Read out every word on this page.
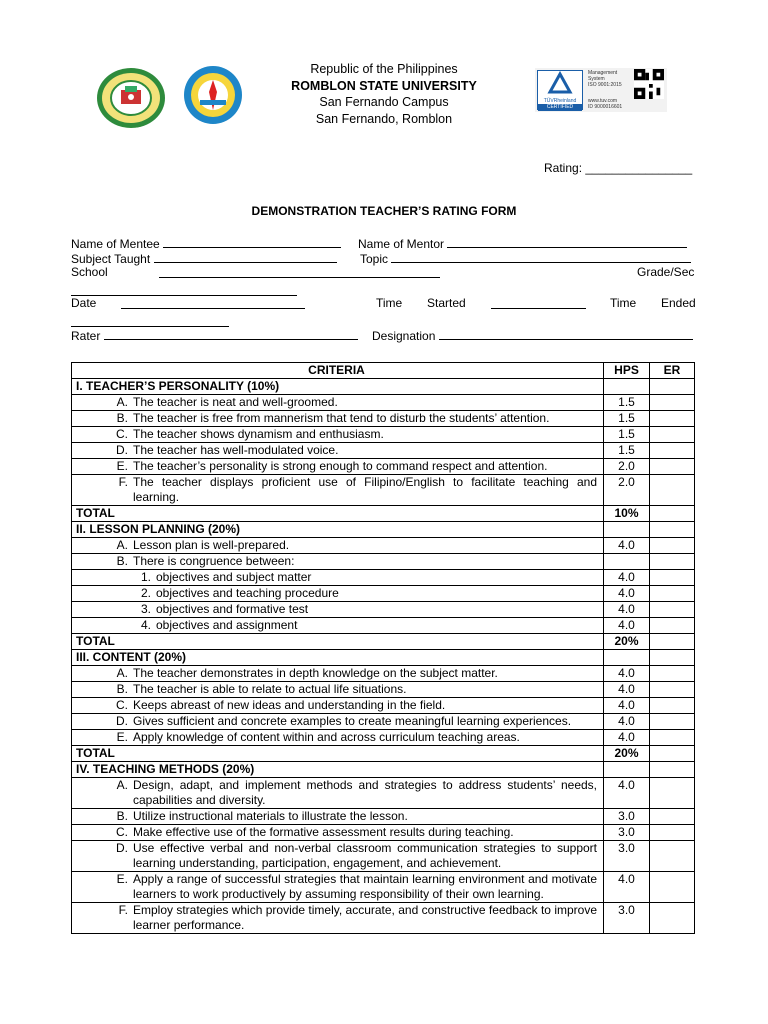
TÜVRheinland
CERTIFIED
Management
System
ISO 9001:2015
www.tuv.com
ID 9000016601
Republic of the Philippines
ROMBLON STATE UNIVERSITY
San Fernando Campus
San Fernando, Romblon
Rating: ________________
DEMONSTRATION TEACHER’S RATING FORM
Name of Mentee	Name of Mentor
Subject Taught	Topic
School	Grade/Sec
Date	Time Started	Time Ended
Rater	Designation
CRITERIA	HPS	ER
I. TEACHER’S PERSONALITY (10%)		

A. The teacher is neat and well-groomed.	1.5	

B. The teacher is free from mannerism that tend to disturb the students’ attention.	1.5	

C. The teacher shows dynamism and enthusiasm.	1.5	

D. The teacher has well-modulated voice.	1.5	

E. The teacher’s personality is strong enough to command respect and attention.	2.0	

F. The teacher displays proficient use of Filipino/English to facilitate teaching and learning.	2.0	
TOTAL	10%	
II. LESSON PLANNING (20%)		

A. Lesson plan is well-prepared.	4.0	

B. There is congruence between:		

1. objectives and subject matter	4.0	

2. objectives and teaching procedure	4.0	

3. objectives and formative test	4.0	

4. objectives and assignment	4.0	
TOTAL	20%	
III. CONTENT (20%)		

A. The teacher demonstrates in depth knowledge on the subject matter.	4.0	

B. The teacher is able to relate to actual life situations.	4.0	

C. Keeps abreast of new ideas and understanding in the field.	4.0	

D. Gives sufficient and concrete examples to create meaningful learning experiences.	4.0	

E. Apply knowledge of content within and across curriculum teaching areas.	4.0	
TOTAL	20%	
IV. TEACHING METHODS (20%)		

A. Design, adapt, and implement methods and strategies to address students’ needs, capabilities and diversity.	4.0	

B. Utilize instructional materials to illustrate the lesson.	3.0	

C. Make effective use of the formative assessment results during teaching.	3.0	

D. Use effective verbal and non-verbal classroom communication strategies to support learning understanding, participation, engagement, and achievement.	3.0	

E. Apply a range of successful strategies that maintain learning environment and motivate learners to work productively by assuming responsibility of their own learning.	4.0	

F. Employ strategies which provide timely, accurate, and constructive feedback to improve learner performance.	3.0	
